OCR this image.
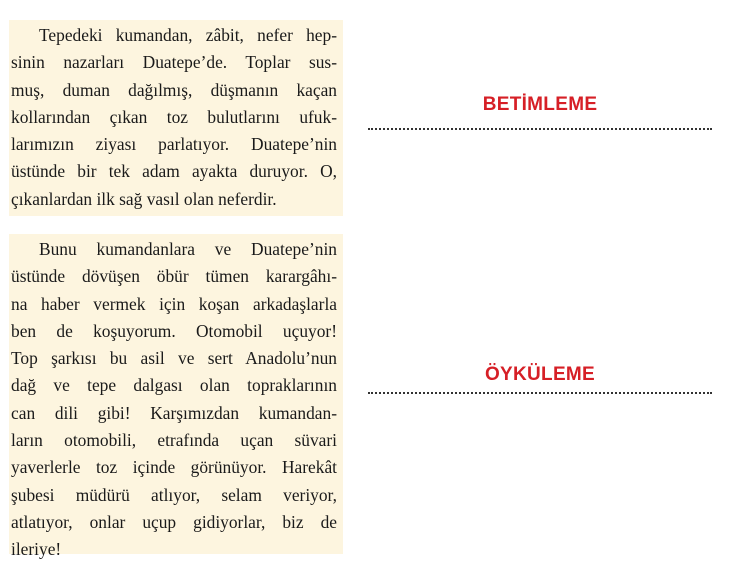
Tepedeki kumandan, zâbit, nefer hep-
sinin nazarları Duatepe’de. Toplar sus-
muş, duman dağılmış, düşmanın kaçan
kollarından çıkan toz bulutlarını ufuk-
larımızın ziyası parlatıyor. Duatepe’nin
üstünde bir tek adam ayakta duruyor. O,
çıkanlardan ilk sağ vasıl olan neferdir.

Bunu kumandanlara ve Duatepe’nin
üstünde dövüşen öbür tümen karargâhı-
na haber vermek için koşan arkadaşlarla
ben de koşuyorum. Otomobil uçuyor!
Top şarkısı bu asil ve sert Anadolu’nun
dağ ve tepe dalgası olan topraklarının
can dili gibi! Karşımızdan kumandan-
ların otomobili, etrafında uçan süvari
yaverlerle toz içinde görünüyor. Harekât
şubesi müdürü atlıyor, selam veriyor,
atlatıyor, onlar uçup gidiyorlar, biz de
ileriye!

BETİMLEME
ÖYKÜLEME
